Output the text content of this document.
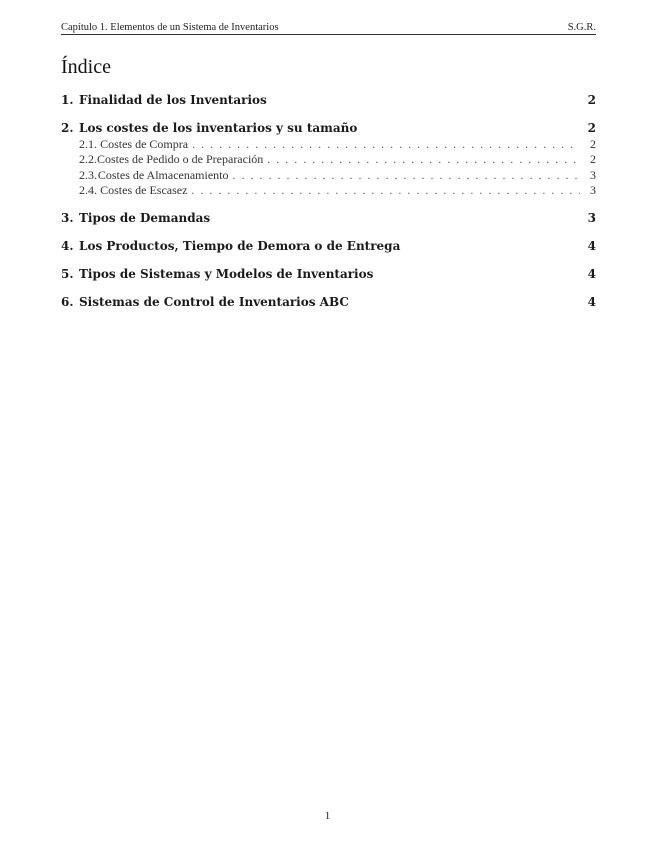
Capítulo 1. Elementos de un Sistema de Inventarios	S.G.R.
Índice
1. Finalidad de los Inventarios	2
2. Los costes de los inventarios y su tamaño	2
2.1. Costes de Compra . . .	2
2.2. Costes de Pedido o de Preparación . . .	2
2.3. Costes de Almacenamiento . . .	3
2.4. Costes de Escasez . . .	3
3. Tipos de Demandas	3
4. Los Productos, Tiempo de Demora o de Entrega	4
5. Tipos de Sistemas y Modelos de Inventarios	4
6. Sistemas de Control de Inventarios ABC	4
1
